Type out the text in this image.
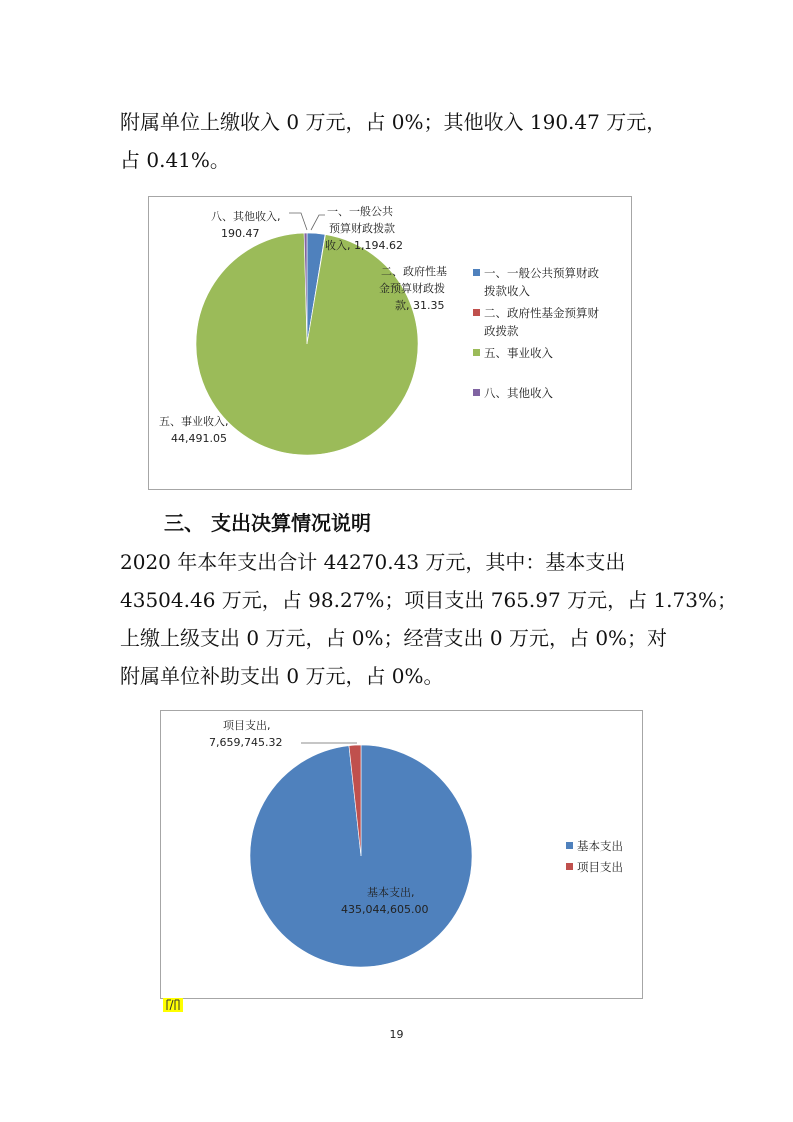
附属单位上缴收入 0 万元，占 0%；其他收入 190.47 万元，
占 0.41%。

八、其他收入, 190.47
一、一般公共 预算财政拨款 收入, 1,194.62
二、政府性基 金预算财政拨 款, 31.35
五、事业收入, 44,491.05
一、一般公共预算财政 拨款收入
二、政府性基金预算财 政拨款
五、事业收入
八、其他收入
三、 支出决算情况说明

2020 年本年支出合计 44270.43 万元，其中：基本支出
43504.46 万元，占 98.27%；项目支出 765.97 万元，占 1.73%；
上缴上级支出 0 万元，占 0%；经营支出 0 万元，占 0%；对
附属单位补助支出 0 万元，占 0%。

项目支出, 7,659,745.32
基本支出, 435,044,605.00
基本支出
项目支出
19
